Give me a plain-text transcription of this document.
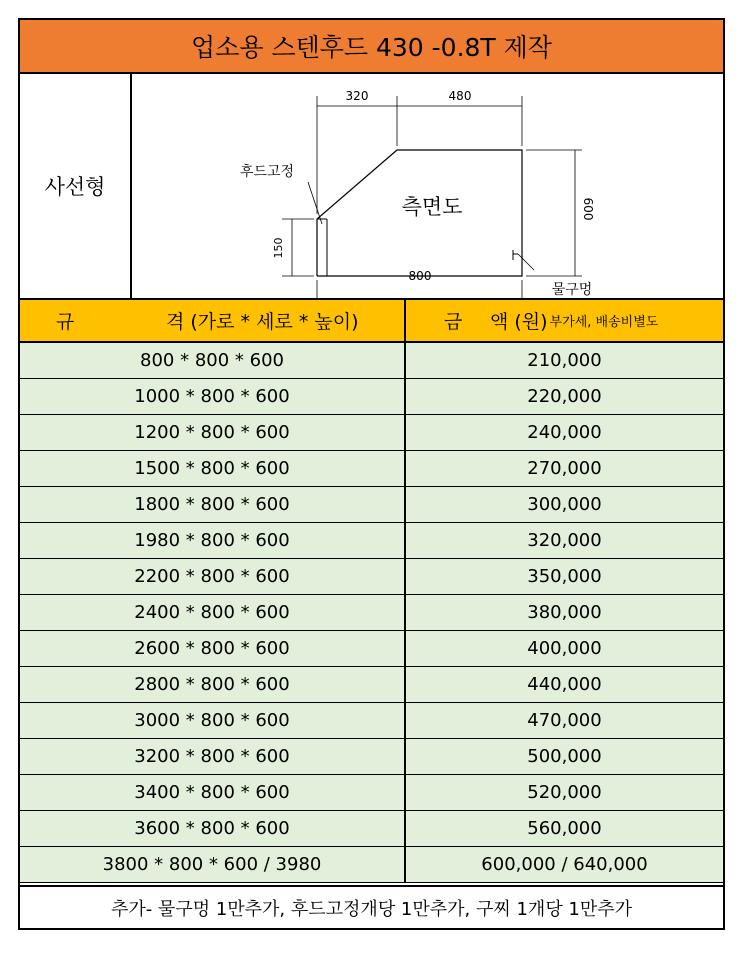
업소용 스텐후드 430 -0.8T 제작
사선형
320	480
600
150
800
후드고정
측면도
물구멍
규	격 (가로 * 세로 * 높이)	금	액 (원) 부가세, 배송비별도
800 * 800 * 600	210,000
1000 * 800 * 600	220,000
1200 * 800 * 600	240,000
1500 * 800 * 600	270,000
1800 * 800 * 600	300,000
1980 * 800 * 600	320,000
2200 * 800 * 600	350,000
2400 * 800 * 600	380,000
2600 * 800 * 600	400,000
2800 * 800 * 600	440,000
3000 * 800 * 600	470,000
3200 * 800 * 600	500,000
3400 * 800 * 600	520,000
3600 * 800 * 600	560,000
3800 * 800 * 600 / 3980	600,000 / 640,000
추가- 물구멍 1만추가, 후드고정개당 1만추가, 구찌 1개당 1만추가
